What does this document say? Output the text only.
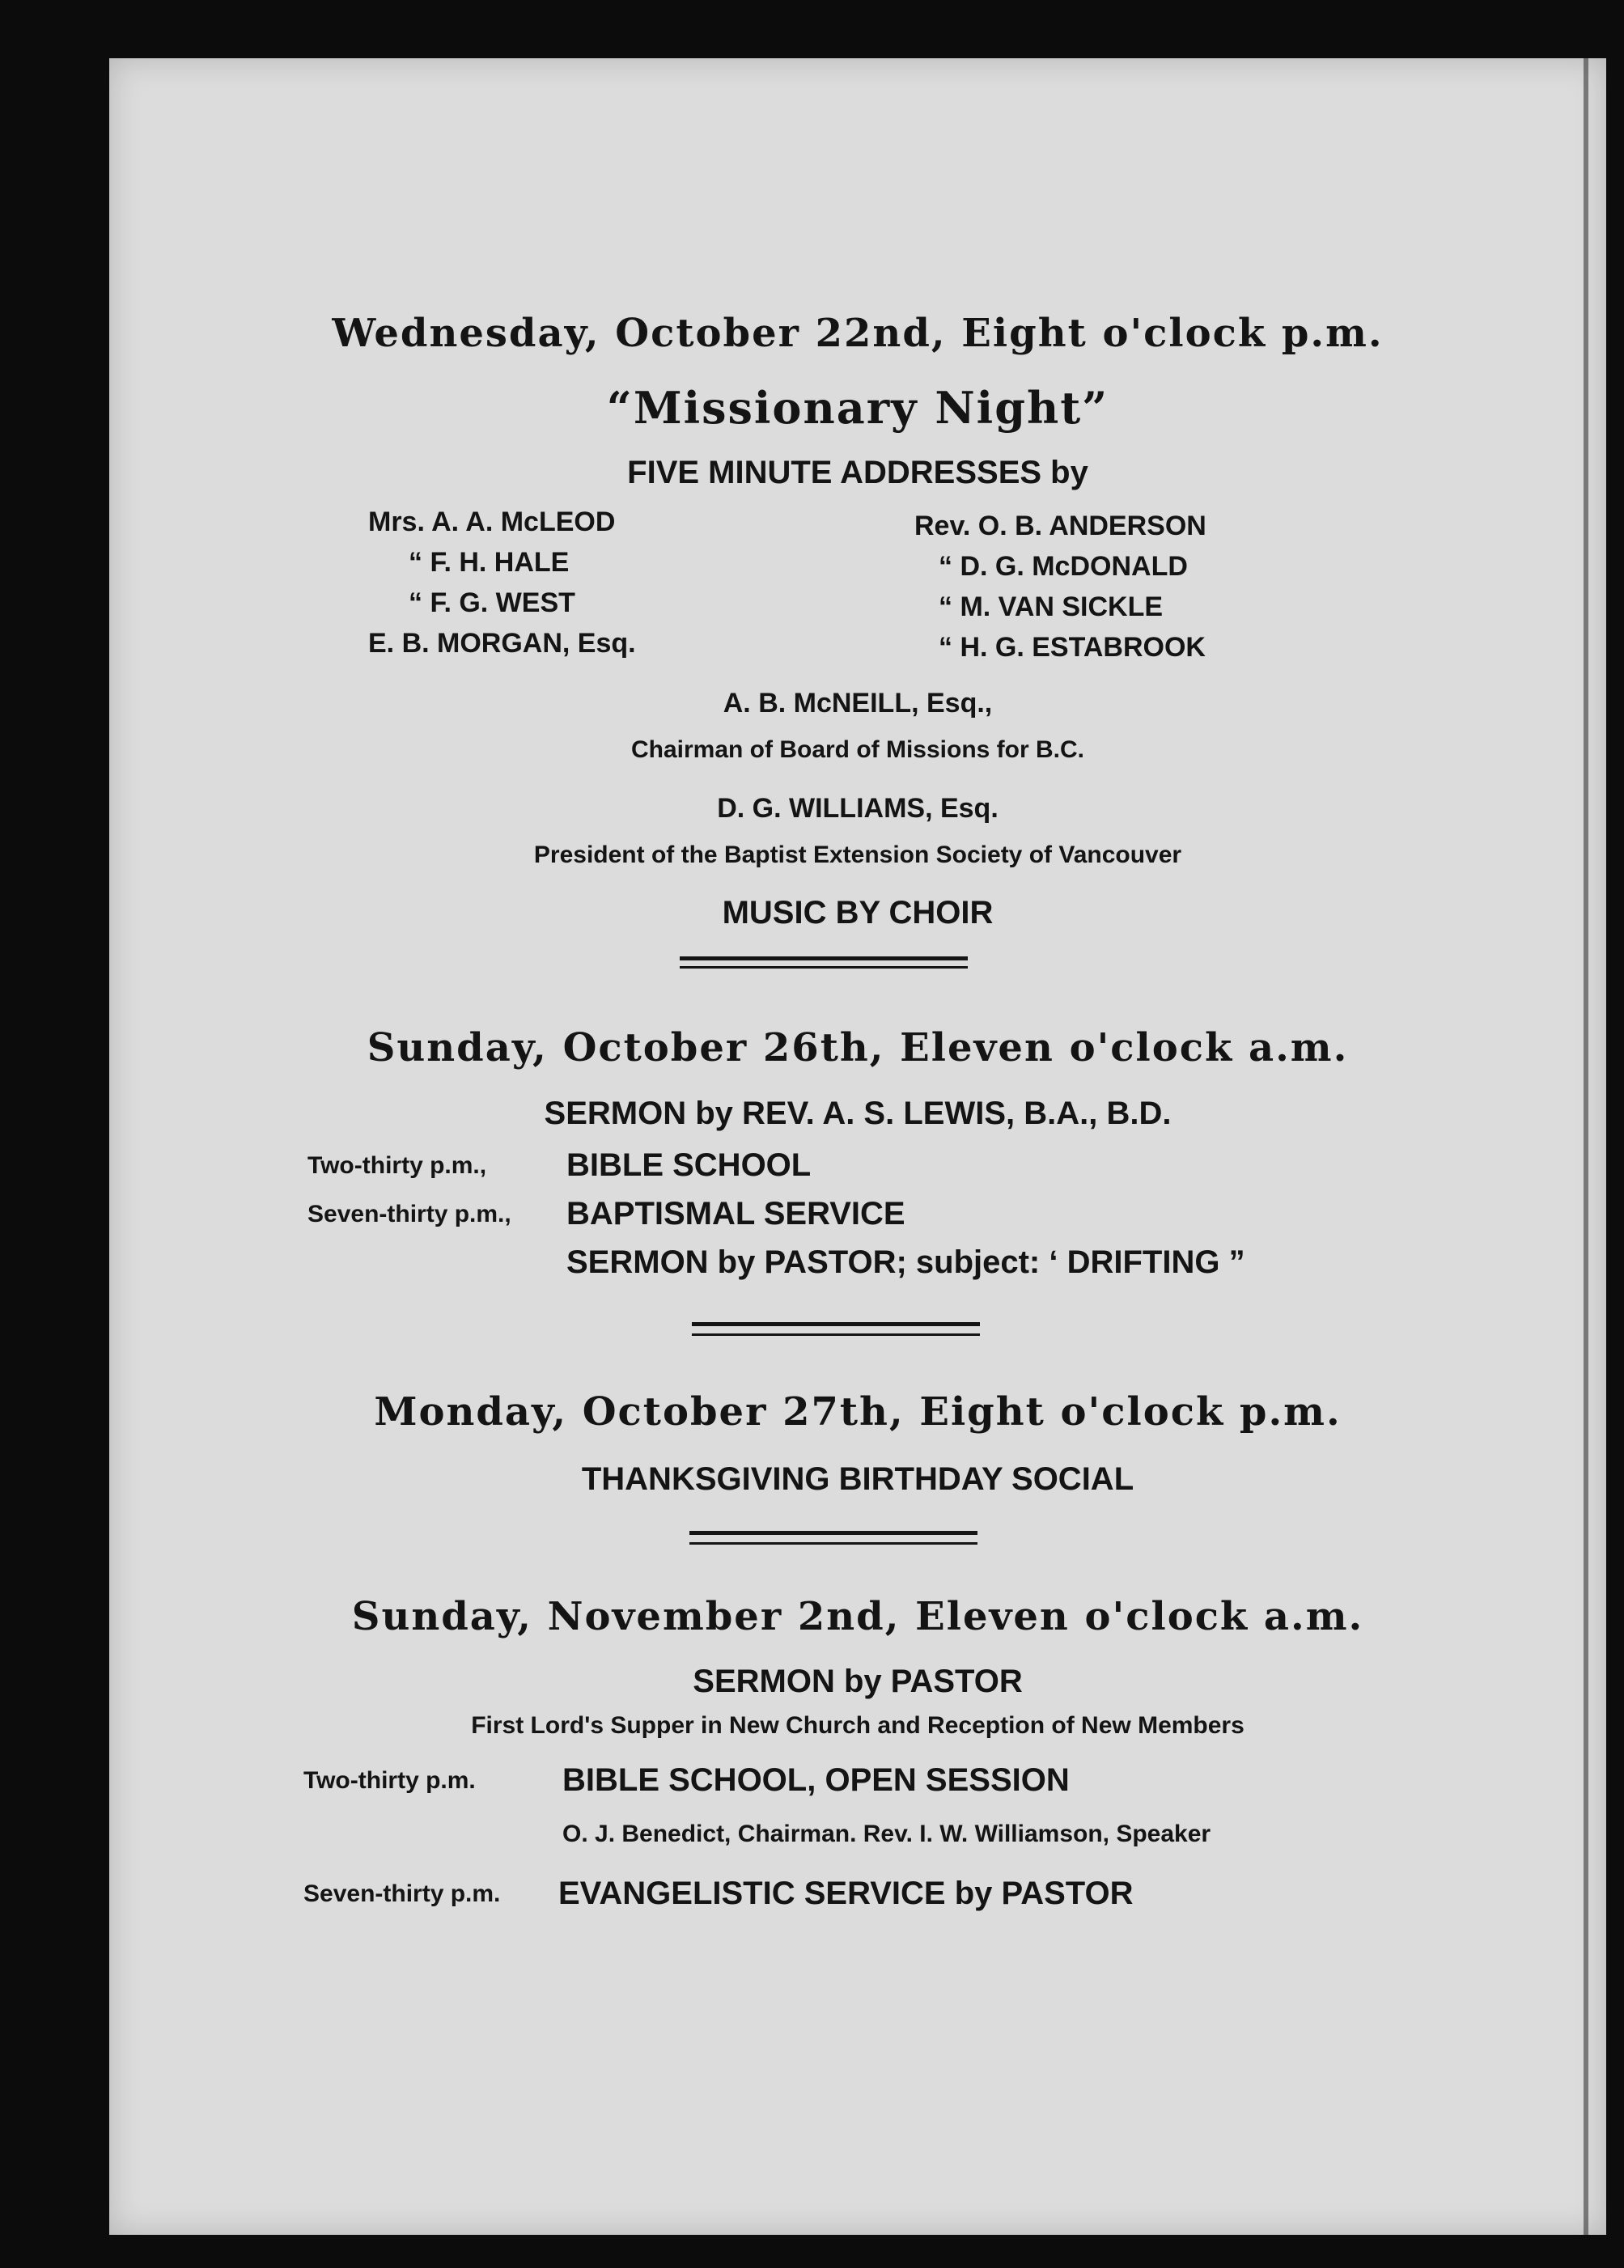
Wednesday, October 22nd, Eight o'clock p.m.
“Missionary Night”
FIVE MINUTE ADDRESSES by
Mrs. A. A. McLEOD
“ F. H. HALE
“ F. G. WEST
E. B. MORGAN, Esq.
Rev. O. B. ANDERSON
“ D. G. McDONALD
“ M. VAN SICKLE
“ H. G. ESTABROOK
A. B. McNEILL, Esq.,
Chairman of Board of Missions for B.C.
D. G. WILLIAMS, Esq.
President of the Baptist Extension Society of Vancouver
MUSIC BY CHOIR
Sunday, October 26th, Eleven o'clock a.m.
SERMON by REV. A. S. LEWIS, B.A., B.D.
Two-thirty p.m., BIBLE SCHOOL
Seven-thirty p.m., BAPTISMAL SERVICE
SERMON by PASTOR; subject: ‘ DRIFTING ”
Monday, October 27th, Eight o'clock p.m.
THANKSGIVING BIRTHDAY SOCIAL
Sunday, November 2nd, Eleven o'clock a.m.
SERMON by PASTOR
First Lord's Supper in New Church and Reception of New Members
Two-thirty p.m.	BIBLE SCHOOL, OPEN SESSION
O. J. Benedict, Chairman. Rev. I. W. Williamson, Speaker
Seven-thirty p.m. EVANGELISTIC SERVICE by PASTOR
